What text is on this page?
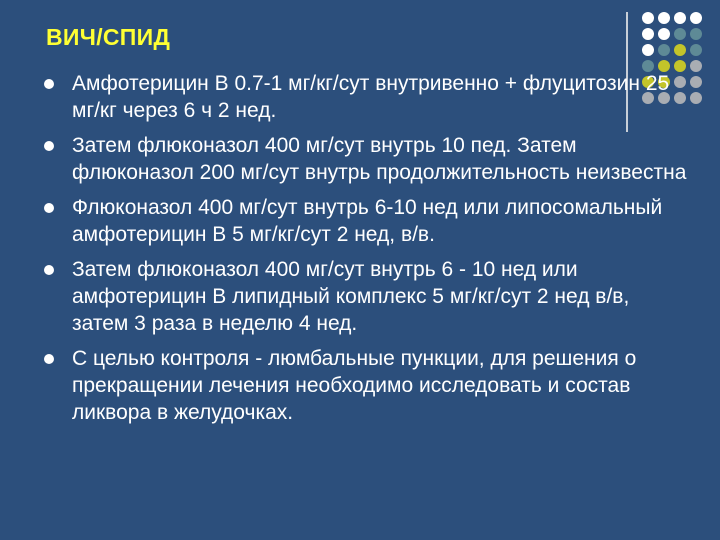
ВИЧ/СПИД
Амфотерицин В 0.7-1 мг/кг/сут внутривенно + флуцитозин 25 мг/кг через 6 ч 2 нед.
Затем флюконазол 400 мг/сут внутрь 10 пед. Затем флюконазол 200 мг/сут внутрь продолжительность неизвестна
Флюконазол 400 мг/сут внутрь 6-10 нед или липосомальный амфотерицин В 5 мг/кг/сут 2 нед, в/в.
Затем флюконазол 400 мг/сут внутрь 6 - 10 нед или амфотерицин В липидный комплекс 5 мг/кг/сут 2 нед в/в, затем 3 раза в неделю 4 нед.
С целью контроля - люмбальные пункции, для решения о прекращении лечения необходимо исследовать и состав ликвора в желудочках.
